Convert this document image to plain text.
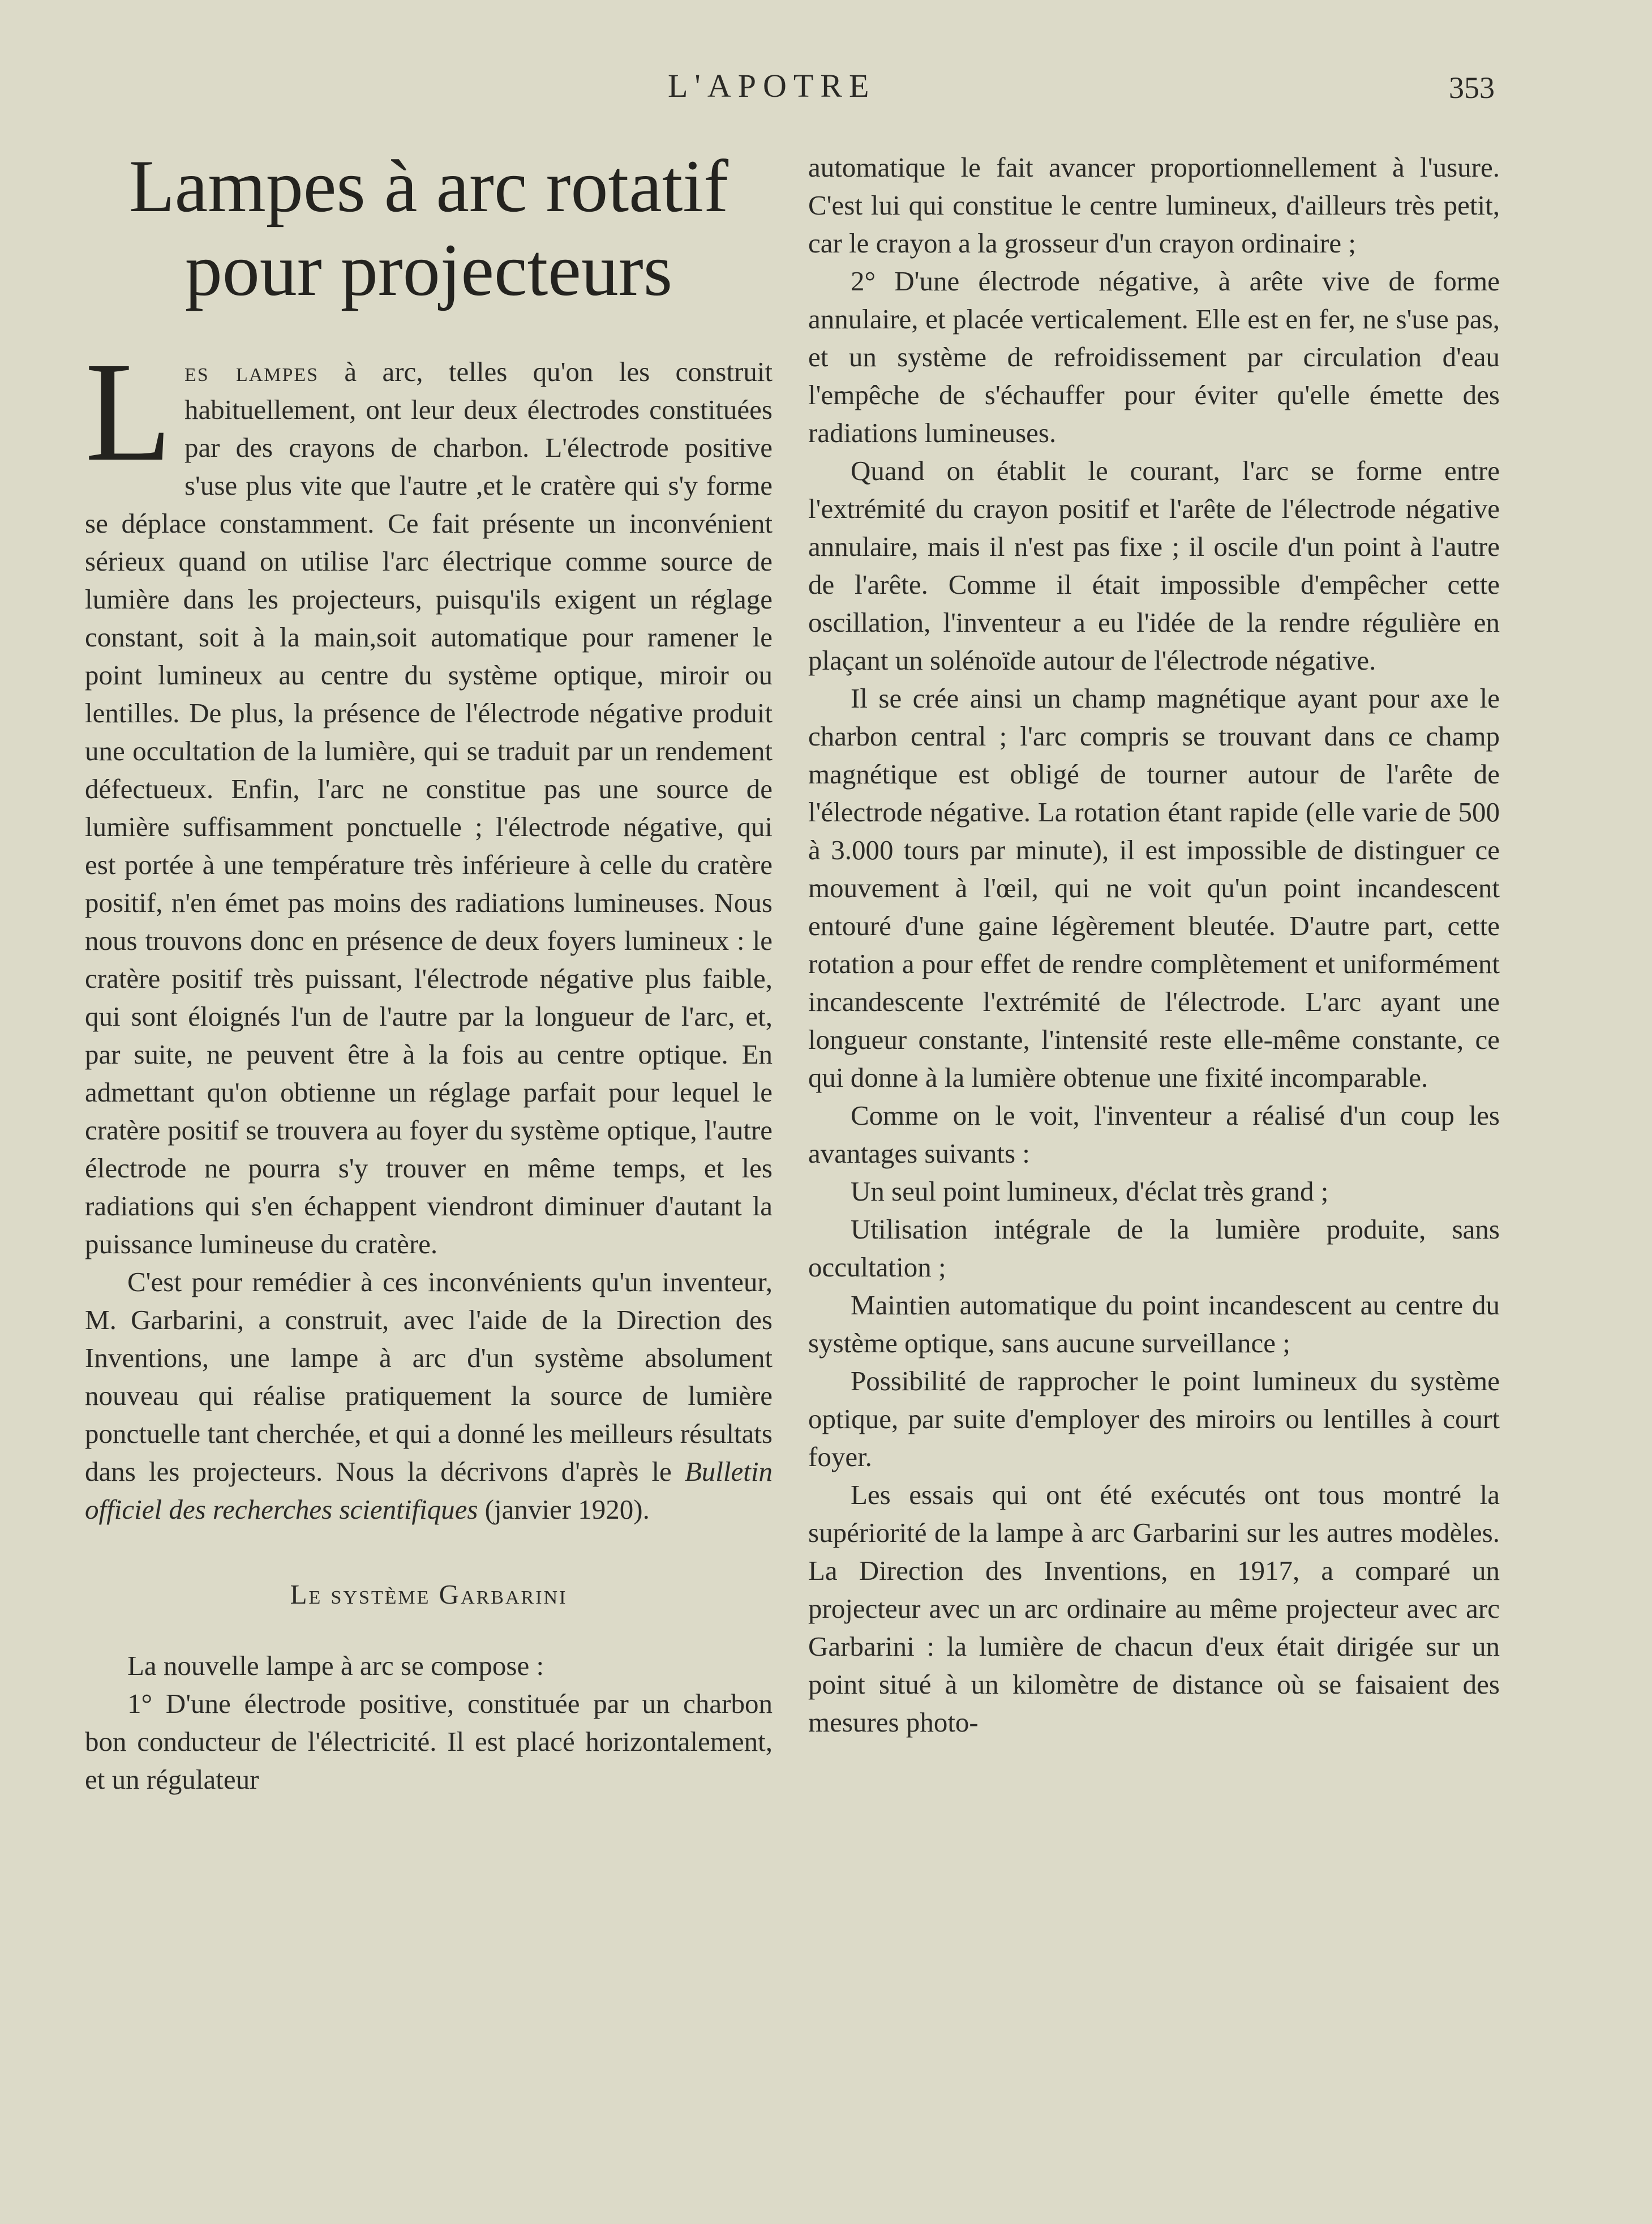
L'APOTRE	353
Lampes à arc rotatif
pour projecteurs

Les lampes à arc, telles qu'on les construit habituellement, ont leur deux électrodes constituées par des crayons de charbon. L'électrode positive s'use plus vite que l'autre ,et le cratère qui s'y forme se déplace constamment. Ce fait présente un inconvénient sérieux quand on utilise l'arc électrique comme source de lumière dans les projecteurs, puisqu'ils exigent un réglage constant, soit à la main,soit automatique pour ramener le point lumineux au centre du système optique, miroir ou lentilles. De plus, la présence de l'électrode négative produit une occultation de la lumière, qui se traduit par un rendement défectueux. Enfin, l'arc ne constitue pas une source de lumière suffisamment ponctuelle ; l'électrode négative, qui est portée à une température très inférieure à celle du cratère positif, n'en émet pas moins des radiations lumineuses. Nous nous trouvons donc en présence de deux foyers lumineux : le cratère positif très puissant, l'électrode négative plus faible, qui sont éloignés l'un de l'autre par la longueur de l'arc, et, par suite, ne peuvent être à la fois au centre optique. En admettant qu'on obtienne un réglage parfait pour lequel le cratère positif se trouvera au foyer du système optique, l'autre électrode ne pourra s'y trouver en même temps, et les radiations qui s'en échappent viendront diminuer d'autant la puissance lumineuse du cratère.

C'est pour remédier à ces inconvénients qu'un inventeur, M. Garbarini, a construit, avec l'aide de la Direction des Inventions, une lampe à arc d'un système absolument nouveau qui réalise pratiquement la source de lumière ponctuelle tant cherchée, et qui a donné les meilleurs résultats dans les projecteurs. Nous la décrivons d'après le Bulletin officiel des recherches scientifiques (janvier 1920).

Le système Garbarini

La nouvelle lampe à arc se compose :

1° D'une électrode positive, constituée par un charbon bon conducteur de l'électricité. Il est placé horizontalement, et un régulateur

automatique le fait avancer proportionnellement à l'usure. C'est lui qui constitue le centre lumineux, d'ailleurs très petit, car le crayon a la grosseur d'un crayon ordinaire ;

2° D'une électrode négative, à arête vive de forme annulaire, et placée verticalement. Elle est en fer, ne s'use pas, et un système de refroidissement par circulation d'eau l'empêche de s'échauffer pour éviter qu'elle émette des radiations lumineuses.

Quand on établit le courant, l'arc se forme entre l'extrémité du crayon positif et l'arête de l'électrode négative annulaire, mais il n'est pas fixe ; il oscile d'un point à l'autre de l'arête. Comme il était impossible d'empêcher cette oscillation, l'inventeur a eu l'idée de la rendre régulière en plaçant un solénoïde autour de l'électrode négative.

Il se crée ainsi un champ magnétique ayant pour axe le charbon central ; l'arc compris se trouvant dans ce champ magnétique est obligé de tourner autour de l'arête de l'électrode négative. La rotation étant rapide (elle varie de 500 à 3.000 tours par minute), il est impossible de distinguer ce mouvement à l'œil, qui ne voit qu'un point incandescent entouré d'une gaine légèrement bleutée. D'autre part, cette rotation a pour effet de rendre complètement et uniformément incandescente l'extrémité de l'électrode. L'arc ayant une longueur constante, l'intensité reste elle-même constante, ce qui donne à la lumière obtenue une fixité incomparable.

Comme on le voit, l'inventeur a réalisé d'un coup les avantages suivants :

Un seul point lumineux, d'éclat très grand ;

Utilisation intégrale de la lumière produite, sans occultation ;

Maintien automatique du point incandescent au centre du système optique, sans aucune surveillance ;

Possibilité de rapprocher le point lumineux du système optique, par suite d'employer des miroirs ou lentilles à court foyer.

Les essais qui ont été exécutés ont tous montré la supériorité de la lampe à arc Garbarini sur les autres modèles. La Direction des Inventions, en 1917, a comparé un projecteur avec un arc ordinaire au même projecteur avec arc Garbarini : la lumière de chacun d'eux était dirigée sur un point situé à un kilomètre de distance où se faisaient des mesures photo-
